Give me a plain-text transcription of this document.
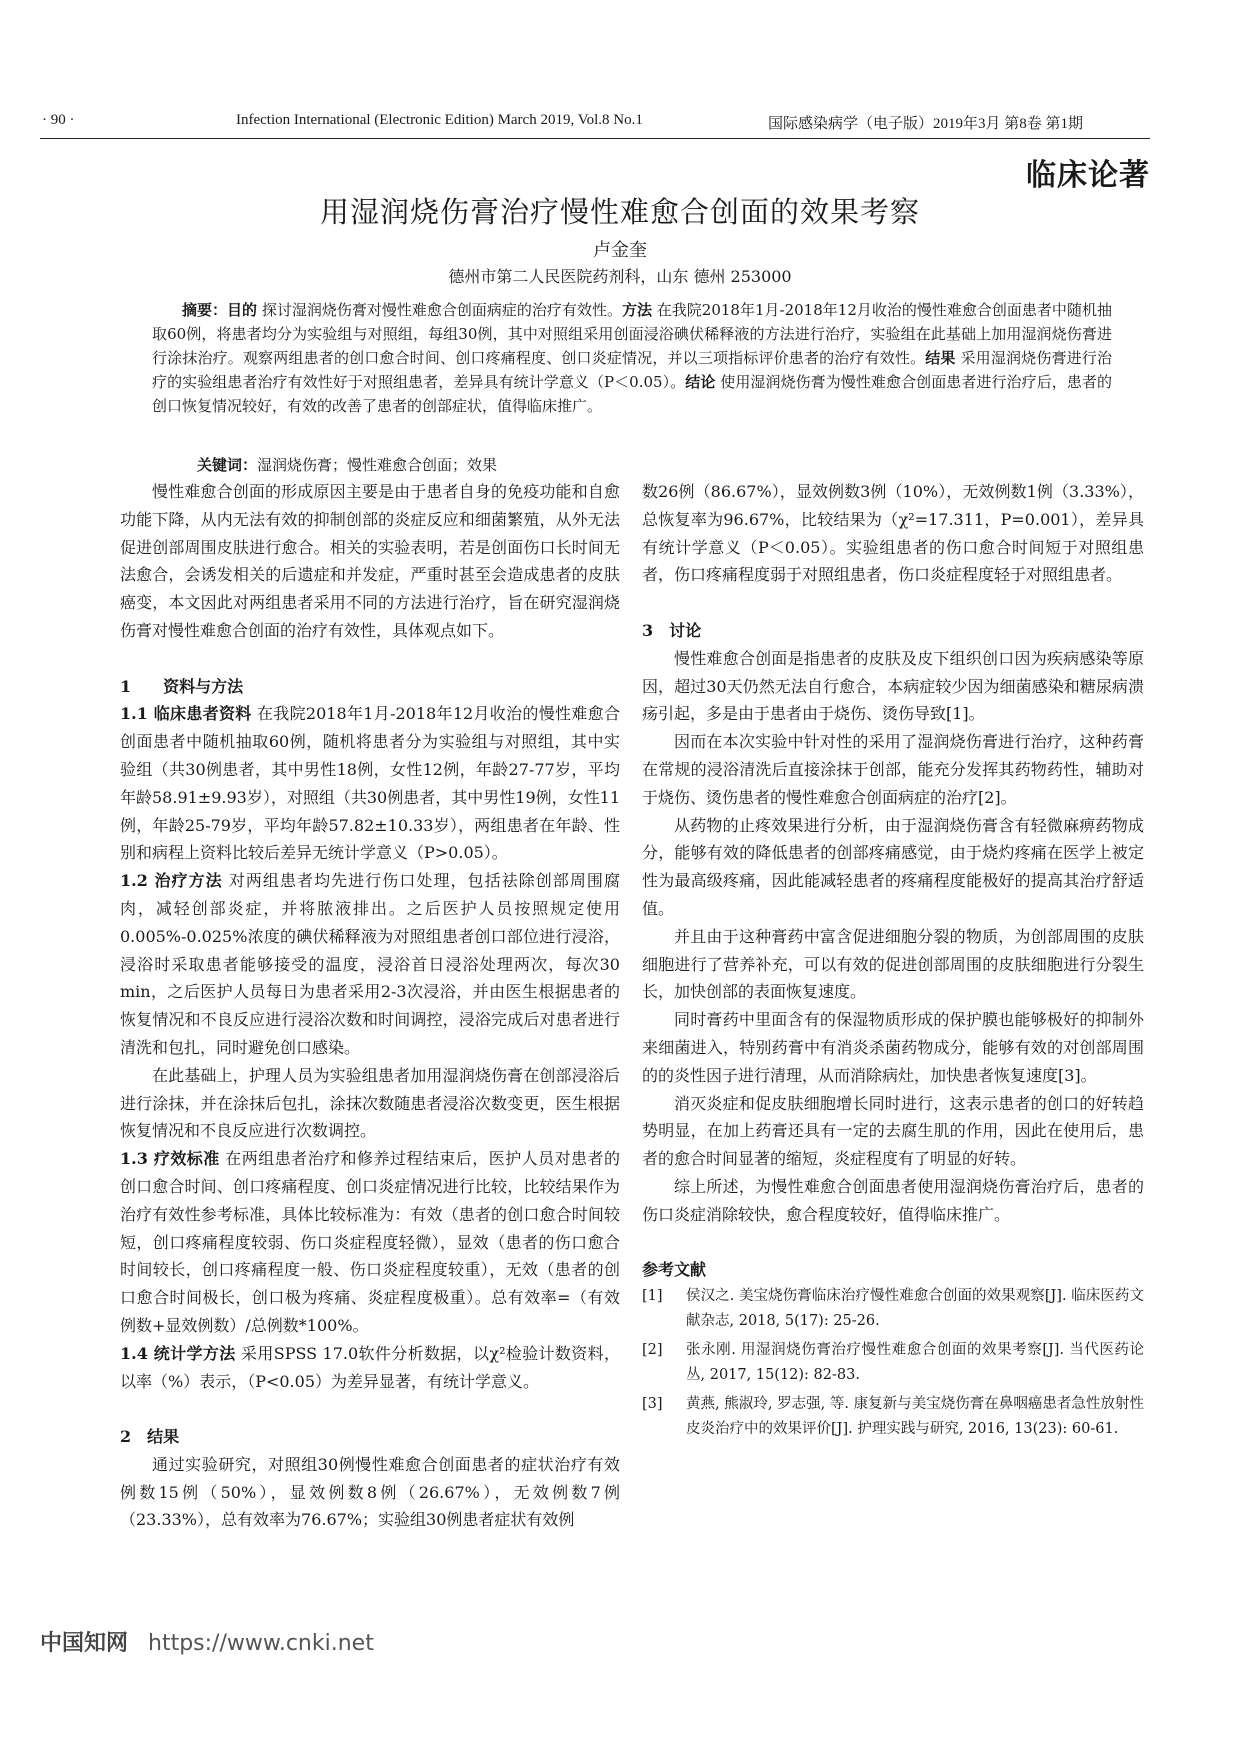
· 90 ·	Infection International (Electronic Edition) March 2019, Vol.8 No.1	国际感染病学（电子版）2019年3月 第8卷 第1期
临床论著
用湿润烧伤膏治疗慢性难愈合创面的效果考察
卢金奎
德州市第二人民医院药剂科，山东 德州 253000
摘要：目的 探讨湿润烧伤膏对慢性难愈合创面病症的治疗有效性。方法 在我院2018年1月-2018年12月收治的慢性难愈合创面患者中随机抽取60例，将患者均分为实验组与对照组，每组30例，其中对照组采用创面浸浴碘伏稀释液的方法进行治疗，实验组在此基础上加用湿润烧伤膏进行涂抹治疗。观察两组患者的创口愈合时间、创口疼痛程度、创口炎症情况，并以三项指标评价患者的治疗有效性。结果 采用湿润烧伤膏进行治疗的实验组患者治疗有效性好于对照组患者，差异具有统计学意义（P＜0.05）。结论 使用湿润烧伤膏为慢性难愈合创面患者进行治疗后，患者的创口恢复情况较好，有效的改善了患者的创部症状，值得临床推广。
关键词：湿润烧伤膏；慢性难愈合创面；效果

慢性难愈合创面的形成原因主要是由于患者自身的免疫功能和自愈功能下降，从内无法有效的抑制创部的炎症反应和细菌繁殖，从外无法促进创部周围皮肤进行愈合。相关的实验表明，若是创面伤口长时间无法愈合，会诱发相关的后遗症和并发症，严重时甚至会造成患者的皮肤癌变，本文因此对两组患者采用不同的方法进行治疗，旨在研究湿润烧伤膏对慢性难愈合创面的治疗有效性，具体观点如下。

1　　资料与方法

1.1 临床患者资料 在我院2018年1月-2018年12月收治的慢性难愈合创面患者中随机抽取60例，随机将患者分为实验组与对照组，其中实验组（共30例患者，其中男性18例，女性12例，年龄27-77岁，平均年龄58.91±9.93岁），对照组（共30例患者，其中男性19例，女性11例，年龄25-79岁，平均年龄57.82±10.33岁），两组患者在年龄、性别和病程上资料比较后差异无统计学意义（P>0.05）。

1.2 治疗方法 对两组患者均先进行伤口处理，包括祛除创部周围腐肉，减轻创部炎症，并将脓液排出。之后医护人员按照规定使用0.005%-0.025%浓度的碘伏稀释液为对照组患者创口部位进行浸浴，浸浴时采取患者能够接受的温度，浸浴首日浸浴处理两次，每次30 min，之后医护人员每日为患者采用2-3次浸浴，并由医生根据患者的恢复情况和不良反应进行浸浴次数和时间调控，浸浴完成后对患者进行清洗和包扎，同时避免创口感染。

在此基础上，护理人员为实验组患者加用湿润烧伤膏在创部浸浴后进行涂抹，并在涂抹后包扎，涂抹次数随患者浸浴次数变更，医生根据恢复情况和不良反应进行次数调控。

1.3 疗效标准 在两组患者治疗和修养过程结束后，医护人员对患者的创口愈合时间、创口疼痛程度、创口炎症情况进行比较，比较结果作为治疗有效性参考标准，具体比较标准为：有效（患者的创口愈合时间较短，创口疼痛程度较弱、伤口炎症程度轻微），显效（患者的伤口愈合时间较长，创口疼痛程度一般、伤口炎症程度较重），无效（患者的创口愈合时间极长，创口极为疼痛、炎症程度极重）。总有效率=（有效例数+显效例数）/总例数*100%。

1.4 统计学方法 采用SPSS 17.0软件分析数据，以χ²检验计数资料，以率（%）表示，（P<0.05）为差异显著，有统计学意义。

2　结果

通过实验研究，对照组30例慢性难愈合创面患者的症状治疗有效例数15例（50%），显效例数8例（26.67%），无效例数7例（23.33%），总有效率为76.67%；实验组30例患者症状有效例

数26例（86.67%），显效例数3例（10%），无效例数1例（3.33%），总恢复率为96.67%，比较结果为（χ²=17.311，P=0.001），差异具有统计学意义（P＜0.05）。实验组患者的伤口愈合时间短于对照组患者，伤口疼痛程度弱于对照组患者，伤口炎症程度轻于对照组患者。

3　讨论

慢性难愈合创面是指患者的皮肤及皮下组织创口因为疾病感染等原因，超过30天仍然无法自行愈合，本病症较少因为细菌感染和糖尿病溃疡引起，多是由于患者由于烧伤、烫伤导致[1]。

因而在本次实验中针对性的采用了湿润烧伤膏进行治疗，这种药膏在常规的浸浴清洗后直接涂抹于创部，能充分发挥其药物药性，辅助对于烧伤、烫伤患者的慢性难愈合创面病症的治疗[2]。

从药物的止疼效果进行分析，由于湿润烧伤膏含有轻微麻痹药物成分，能够有效的降低患者的创部疼痛感觉，由于烧灼疼痛在医学上被定性为最高级疼痛，因此能减轻患者的疼痛程度能极好的提高其治疗舒适值。

并且由于这种膏药中富含促进细胞分裂的物质，为创部周围的皮肤细胞进行了营养补充，可以有效的促进创部周围的皮肤细胞进行分裂生长，加快创部的表面恢复速度。

同时膏药中里面含有的保湿物质形成的保护膜也能够极好的抑制外来细菌进入，特别药膏中有消炎杀菌药物成分，能够有效的对创部周围的的炎性因子进行清理，从而消除病灶，加快患者恢复速度[3]。

消灭炎症和促皮肤细胞增长同时进行，这表示患者的创口的好转趋势明显，在加上药膏还具有一定的去腐生肌的作用，因此在使用后，患者的愈合时间显著的缩短，炎症程度有了明显的好转。

综上所述，为慢性难愈合创面患者使用湿润烧伤膏治疗后，患者的伤口炎症消除较快，愈合程度较好，值得临床推广。

参考文献
[1]	侯汉之. 美宝烧伤膏临床治疗慢性难愈合创面的效果观察[J]. 临床医药文献杂志, 2018, 5(17): 25-26.
[2]	张永刚. 用湿润烧伤膏治疗慢性难愈合创面的效果考察[J]. 当代医药论丛, 2017, 15(12): 82-83.
[3]	黄燕, 熊淑玲, 罗志强, 等. 康复新与美宝烧伤膏在鼻咽癌患者急性放射性皮炎治疗中的效果评价[J]. 护理实践与研究, 2016, 13(23): 60-61.
中国知网 https://www.cnki.net
